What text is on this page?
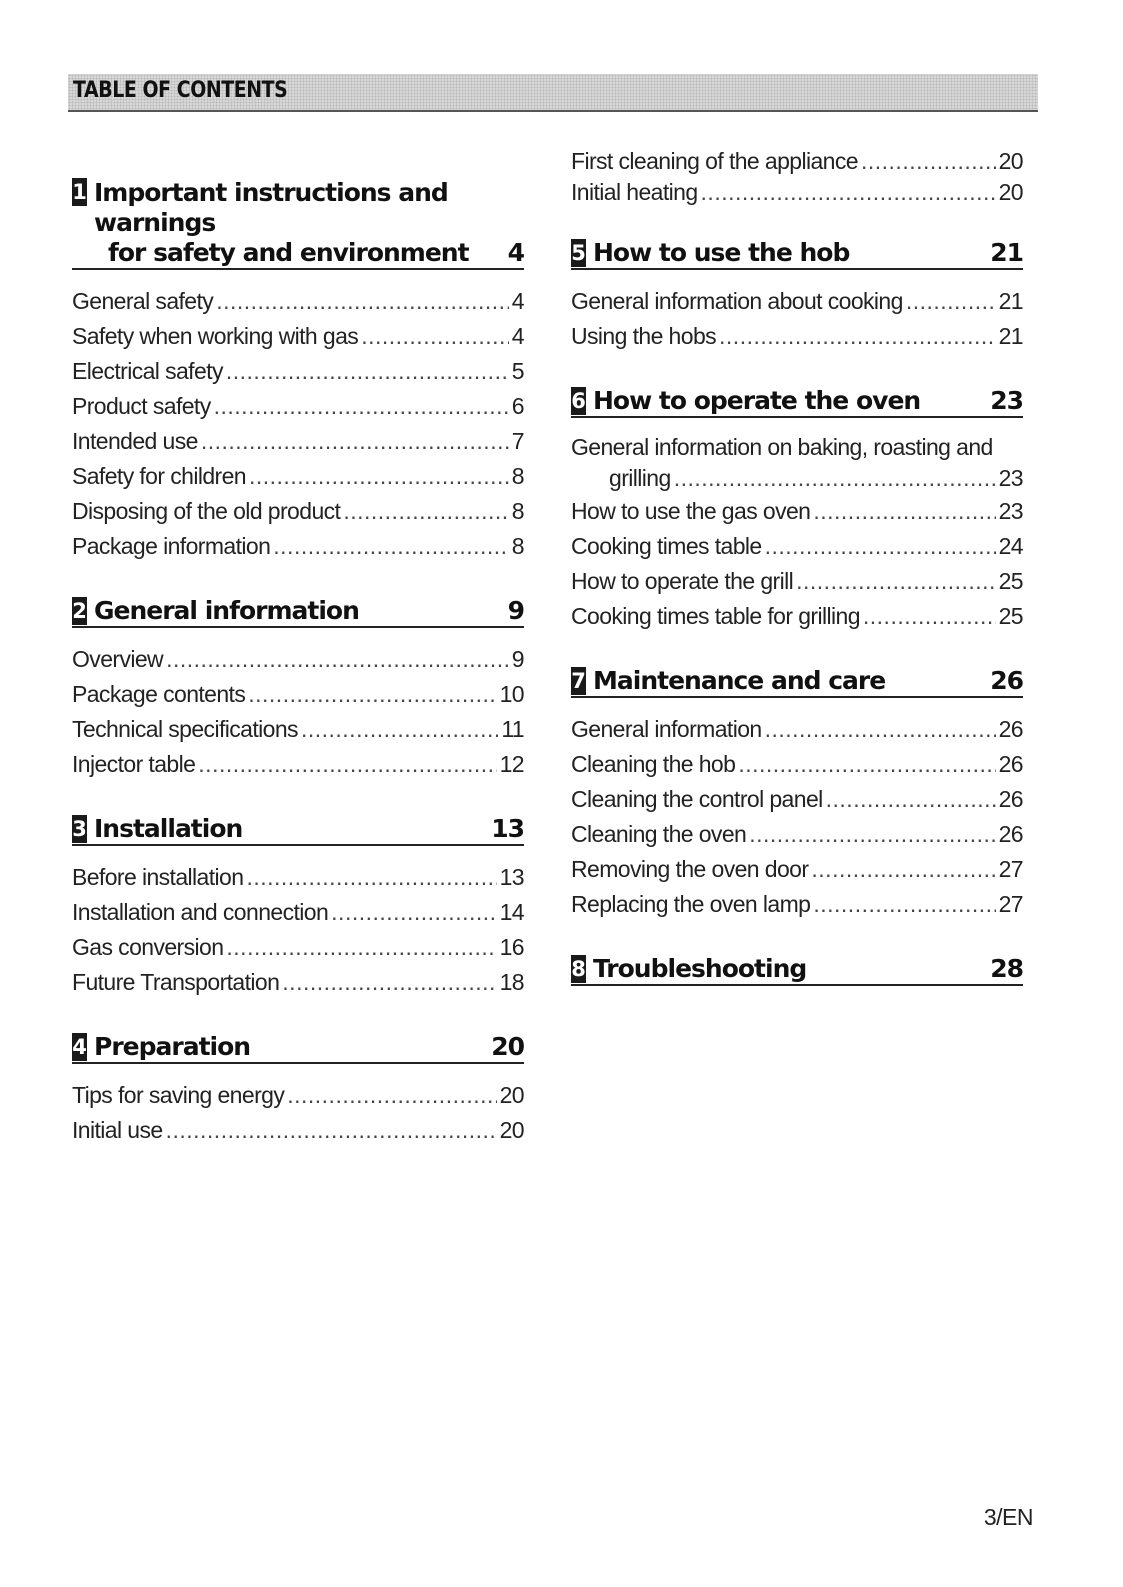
TABLE OF CONTENTS
1 Important instructions and warnings
for safety and environment	4
General safety .....	4
Safety when working with gas .....	4
Electrical safety .....	5
Product safety .....	6
Intended use .....	7
Safety for children .....	8
Disposing of the old product .....	8
Package information .....	8
2 General information	9
Overview .....	9
Package contents .....	10
Technical specifications .....	11
Injector table .....	12
3 Installation	13
Before installation .....	13
Installation and connection .....	14
Gas conversion .....	16
Future Transportation .....	18
4 Preparation	20
Tips for saving energy .....	20
Initial use .....	20
First cleaning of the appliance .....	20
Initial heating .....	20
5 How to use the hob	21
General information about cooking .....	21
Using the hobs .....	21
6 How to operate the oven	23
General information on baking, roasting and
grilling .....	23
How to use the gas oven .....	23
Cooking times table .....	24
How to operate the grill .....	25
Cooking times table for grilling .....	25
7 Maintenance and care	26
General information .....	26
Cleaning the hob .....	26
Cleaning the control panel .....	26
Cleaning the oven .....	26
Removing the oven door .....	27
Replacing the oven lamp .....	27
8 Troubleshooting	28
3/EN
